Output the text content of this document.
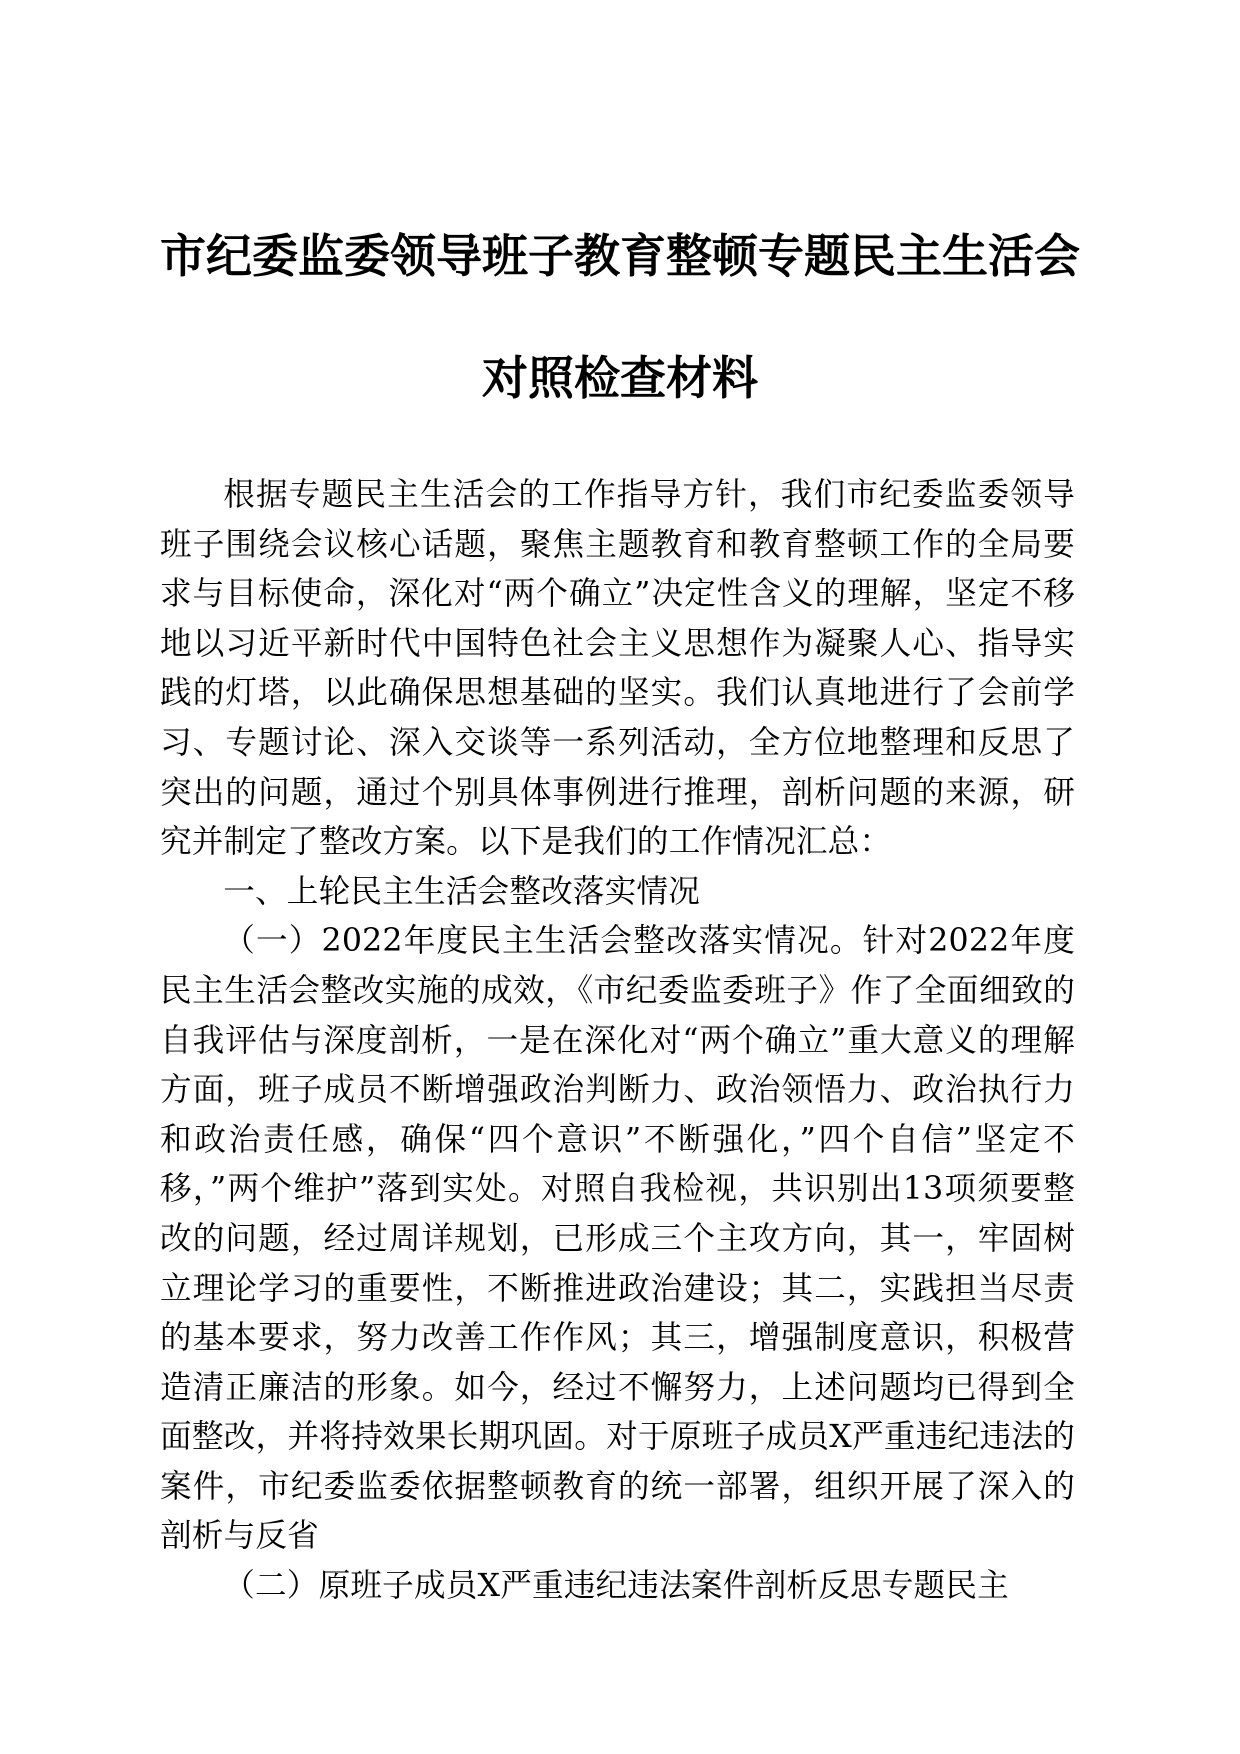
市纪委监委领导班子教育整顿专题民主生活会
对照检查材料

根据专题民主生活会的工作指导方针，我们市纪委监委领导班子围绕会议核心话题，聚焦主题教育和教育整顿工作的全局要求与目标使命，深化对“两个确立”决定性含义的理解，坚定不移地以习近平新时代中国特色社会主义思想作为凝聚人心、指导实践的灯塔，以此确保思想基础的坚实。我们认真地进行了会前学习、专题讨论、深入交谈等一系列活动，全方位地整理和反思了突出的问题，通过个别具体事例进行推理，剖析问题的来源，研究并制定了整改方案。以下是我们的工作情况汇总：

一、上轮民主生活会整改落实情况

（一）2022年度民主生活会整改落实情况。针对2022年度民主生活会整改实施的成效，《市纪委监委班子》作了全面细致的自我评估与深度剖析，一是在深化对“两个确立”重大意义的理解方面，班子成员不断增强政治判断力、政治领悟力、政治执行力和政治责任感，确保“四个意识”不断强化，”四个自信”坚定不移，”两个维护”落到实处。对照自我检视，共识别出13项须要整改的问题，经过周详规划，已形成三个主攻方向，其一，牢固树立理论学习的重要性，不断推进政治建设；其二，实践担当尽责的基本要求，努力改善工作作风；其三，增强制度意识，积极营造清正廉洁的形象。如今，经过不懈努力，上述问题均已得到全面整改，并将持效果长期巩固。对于原班子成员X严重违纪违法的案件，市纪委监委依据整顿教育的统一部署，组织开展了深入的剖析与反省

（二）原班子成员X严重违纪违法案件剖析反思专题民主
